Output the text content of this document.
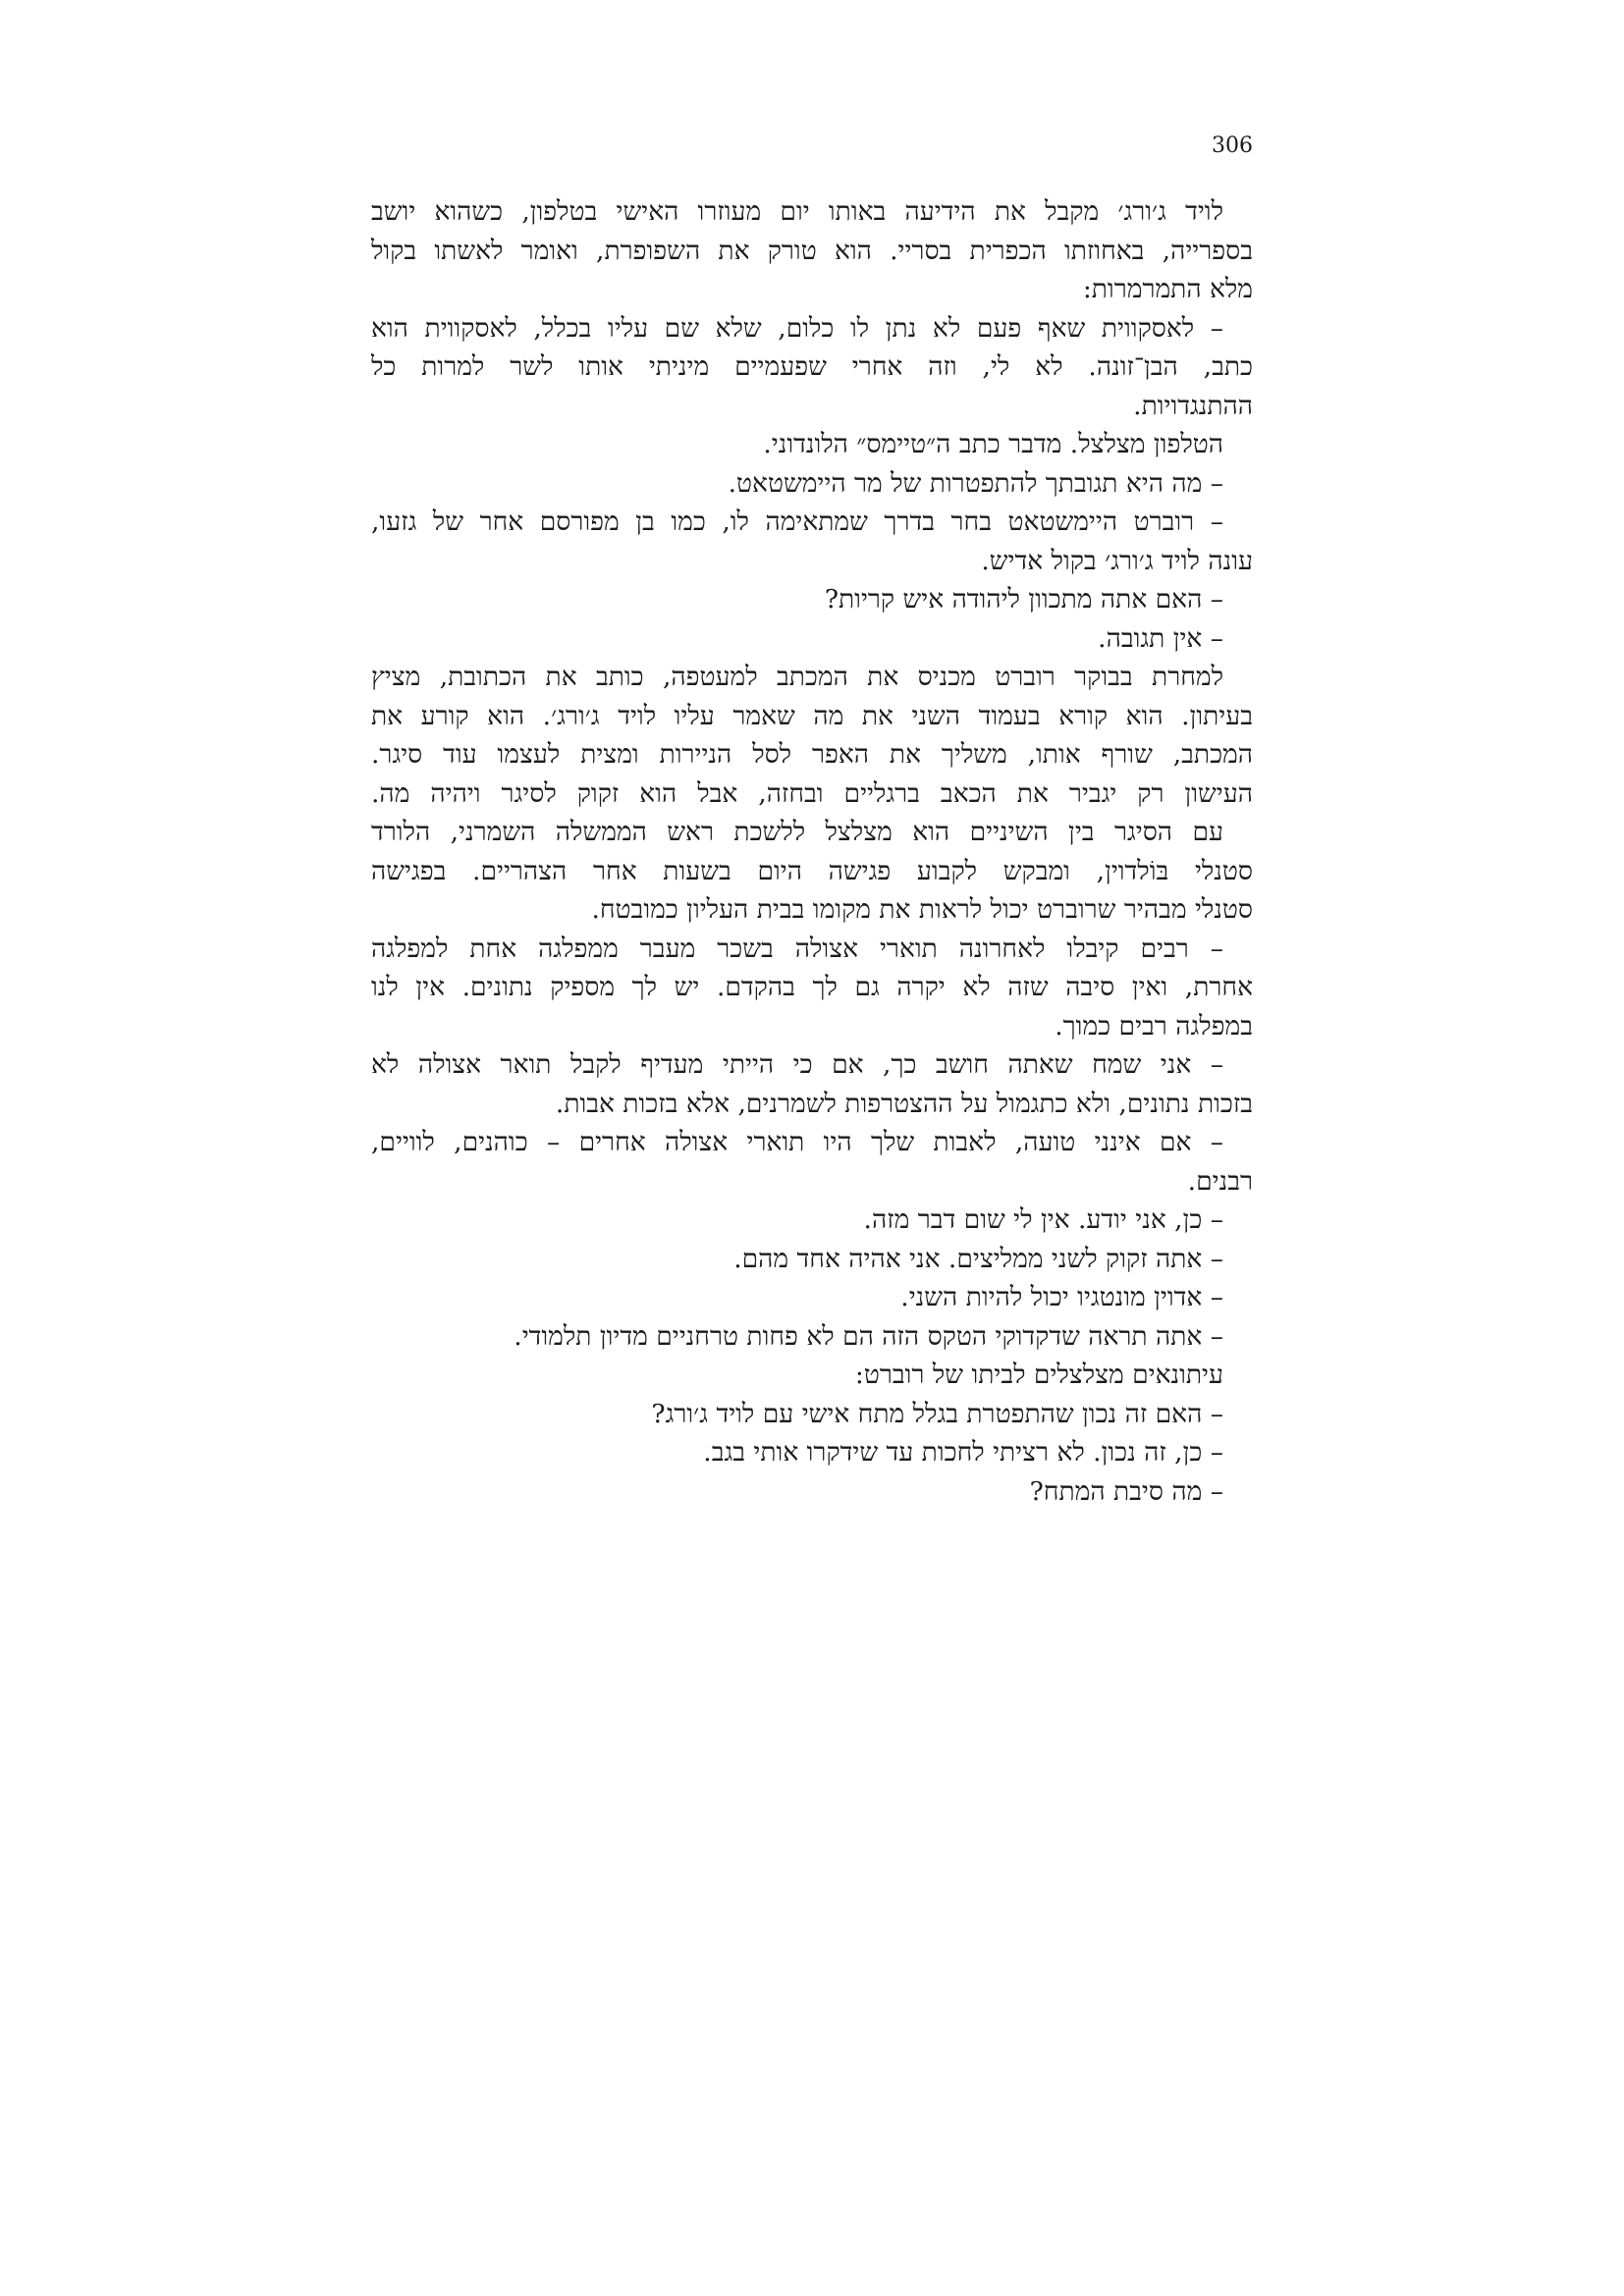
306
לויד ג׳ורג׳ מקבל את הידיעה באותו יום מעוזרו האישי בטלפון, כשהוא יושב
בספרייה, באחוזתו הכפרית בסריי. הוא טורק את השפופרת, ואומר לאשתו בקול
מלא התמרמרות:
– לאסקווית שאף פעם לא נתן לו כלום, שלא שם עליו בכלל, לאסקווית הוא
כתב, הבן־זונה. לא לי, וזה אחרי שפעמיים מיניתי אותו לשר למרות כל
ההתנגדויות.
הטלפון מצלצל. מדבר כתב ה״טיימס״ הלונדוני.
– מה היא תגובתך להתפטרות של מר היימשטאט.
– רוברט היימשטאט בחר בדרך שמתאימה לו, כמו בן מפורסם אחר של גזעו,
עונה לויד ג׳ורג׳ בקול אדיש.
– האם אתה מתכוון ליהודה איש קריות?
– אין תגובה.
למחרת בבוקר רוברט מכניס את המכתב למעטפה, כותב את הכתובת, מציץ
בעיתון. הוא קורא בעמוד השני את מה שאמר עליו לויד ג׳ורג׳. הוא קורע את
המכתב, שורף אותו, משליך את האפר לסל הניירות ומצית לעצמו עוד סיגר.
העישון רק יגביר את הכאב ברגליים ובחזה, אבל הוא זקוק לסיגר ויהיה מה.
עם הסיגר בין השיניים הוא מצלצל ללשכת ראש הממשלה השמרני, הלורד
סטנלי בּוֹלדוין, ומבקש לקבוע פגישה היום בשעות אחר הצהריים. בפגישה
סטנלי מבהיר שרוברט יכול לראות את מקומו בבית העליון כמובטח.
– רבים קיבלו לאחרונה תוארי אצולה בשכר מעבר ממפלגה אחת למפלגה
אחרת, ואין סיבה שזה לא יקרה גם לך בהקדם. יש לך מספיק נתונים. אין לנו
במפלגה רבים כמוך.
– אני שמח שאתה חושב כך, אם כי הייתי מעדיף לקבל תואר אצולה לא
בזכות נתונים, ולא כתגמול על ההצטרפות לשמרנים, אלא בזכות אבות.
– אם אינני טועה, לאבות שלך היו תוארי אצולה אחרים – כוהנים, לוויים,
רבנים.
– כן, אני יודע. אין לי שום דבר מזה.
– אתה זקוק לשני ממליצים. אני אהיה אחד מהם.
– אדוין מונטגיו יכול להיות השני.
– אתה תראה שדקדוקי הטקס הזה הם לא פחות טרחניים מדיון תלמודי.
עיתונאים מצלצלים לביתו של רוברט:
– האם זה נכון שהתפטרת בגלל מתח אישי עם לויד ג׳ורג?
– כן, זה נכון. לא רציתי לחכות עד שידקרו אותי בגב.
– מה סיבת המתח?
